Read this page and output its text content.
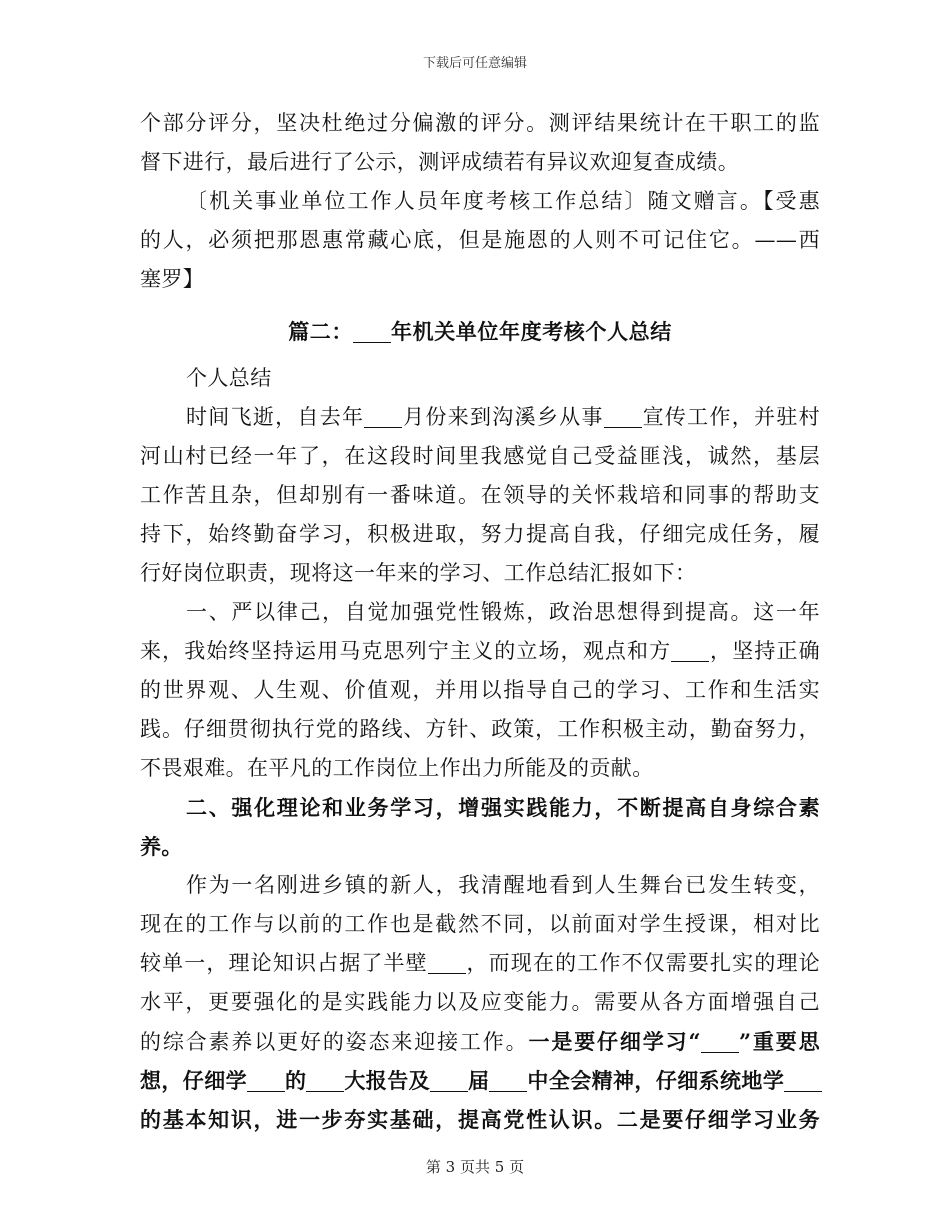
下载后可任意编辑
个部分评分，坚决杜绝过分偏激的评分。测评结果统计在干职工的监
督下进行，最后进行了公示，测评成绩若有异议欢迎复查成绩。
〔机关事业单位工作人员年度考核工作总结〕随文赠言。【受惠
的人，必须把那恩惠常藏心底，但是施恩的人则不可记住它。——西
塞罗】
篇二： 年机关单位年度考核个人总结
个人总结
时间飞逝，自去年 月份来到沟溪乡从事 宣传工作，并驻村
河山村已经一年了，在这段时间里我感觉自己受益匪浅，诚然，基层
工作苦且杂，但却别有一番味道。在领导的关怀栽培和同事的帮助支
持下，始终勤奋学习，积极进取，努力提高自我，仔细完成任务，履
行好岗位职责，现将这一年来的学习、工作总结汇报如下：
一、严以律己，自觉加强党性锻炼，政治思想得到提高。这一年
来，我始终坚持运用马克思列宁主义的立场，观点和方 ，坚持正确
的世界观、人生观、价值观，并用以指导自己的学习、工作和生活实
践。仔细贯彻执行党的路线、方针、政策，工作积极主动，勤奋努力，
不畏艰难。在平凡的工作岗位上作出力所能及的贡献。
二、强化理论和业务学习，增强实践能力，不断提高自身综合素
养。
作为一名刚进乡镇的新人，我清醒地看到人生舞台已发生转变，
现在的工作与以前的工作也是截然不同，以前面对学生授课，相对比
较单一，理论知识占据了半壁 ，而现在的工作不仅需要扎实的理论
水平，更要强化的是实践能力以及应变能力。需要从各方面增强自己
的综合素养以更好的姿态来迎接工作。一是要仔细学习“ ”重要思
想，仔细学 的 大报告及 届 中全会精神，仔细系统地学
的基本知识，进一步夯实基础，提高党性认识。二是要仔细学习业务
第 3 页共 5 页
